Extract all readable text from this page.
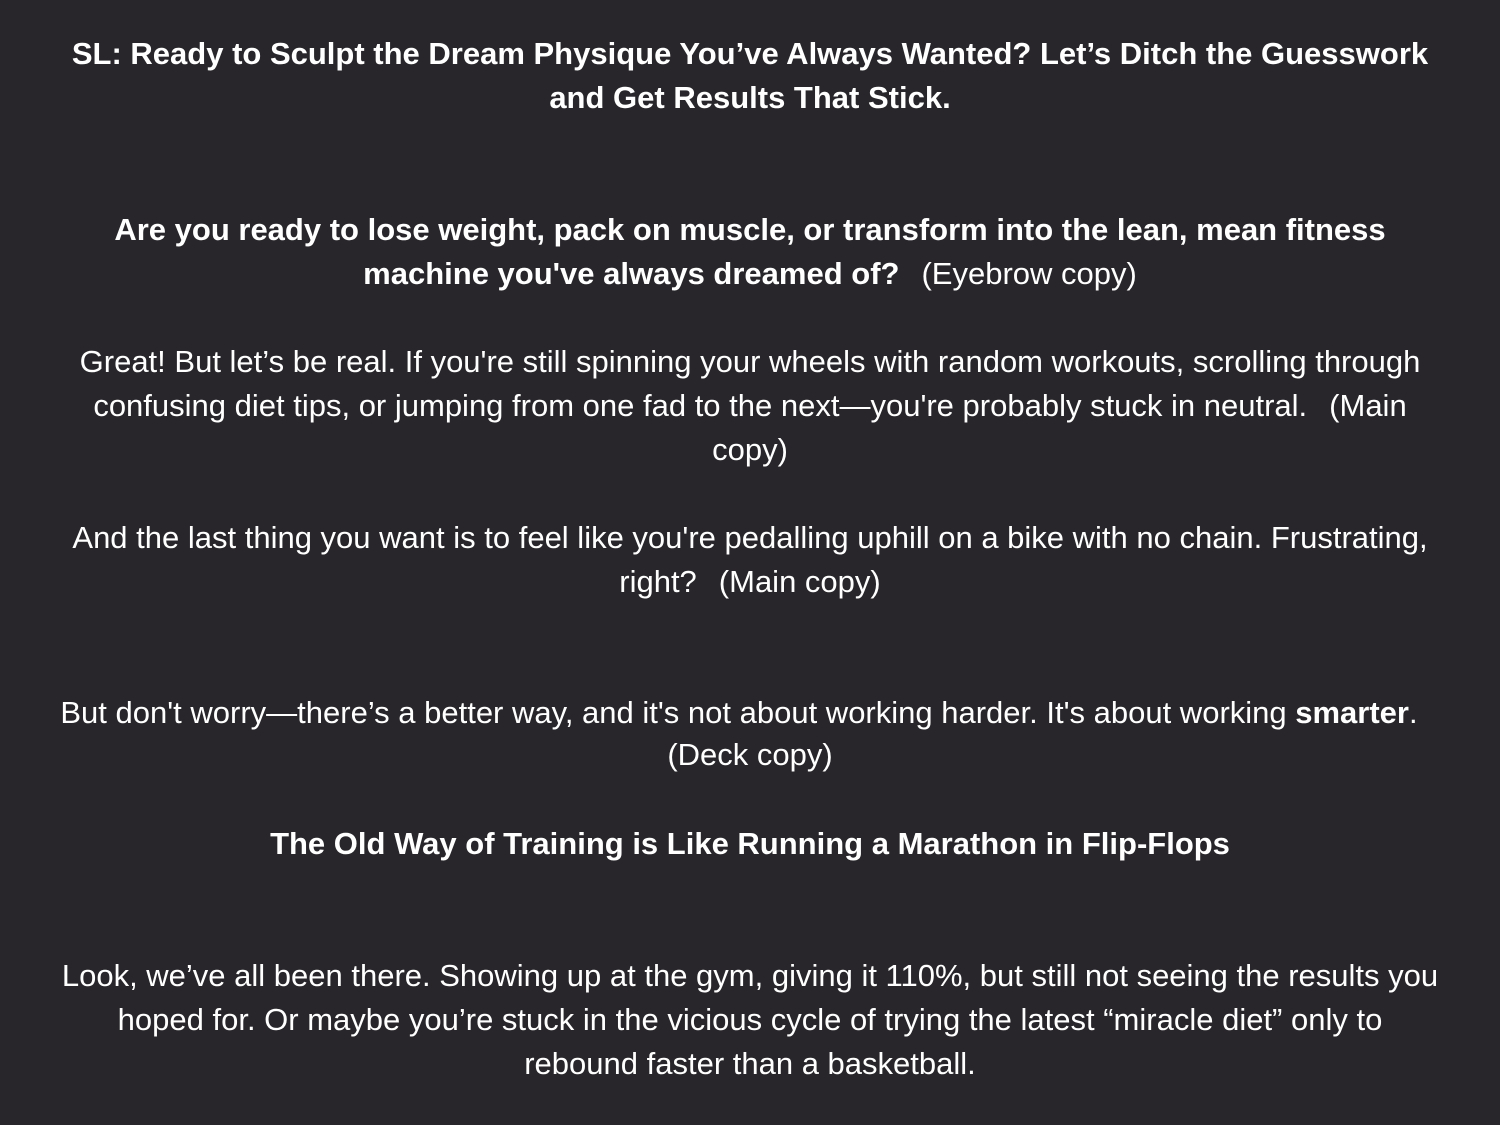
SL: Ready to Sculpt the Dream Physique You’ve Always Wanted? Let’s Ditch the Guesswork and Get Results That Stick.

Are you ready to lose weight, pack on muscle, or transform into the lean, mean fitness machine you've always dreamed of? (Eyebrow copy)

Great! But let’s be real. If you're still spinning your wheels with random workouts, scrolling through confusing diet tips, or jumping from one fad to the next—you're probably stuck in neutral. (Main copy)

And the last thing you want is to feel like you're pedalling uphill on a bike with no chain. Frustrating, right? (Main copy)

But don't worry—there’s a better way, and it's not about working harder. It's about working smarter.(Deck copy)

The Old Way of Training is Like Running a Marathon in Flip-Flops

Look, we’ve all been there. Showing up at the gym, giving it 110%, but still not seeing the results you hoped for. Or maybe you’re stuck in the vicious cycle of trying the latest “miracle diet” only to rebound faster than a basketball.
